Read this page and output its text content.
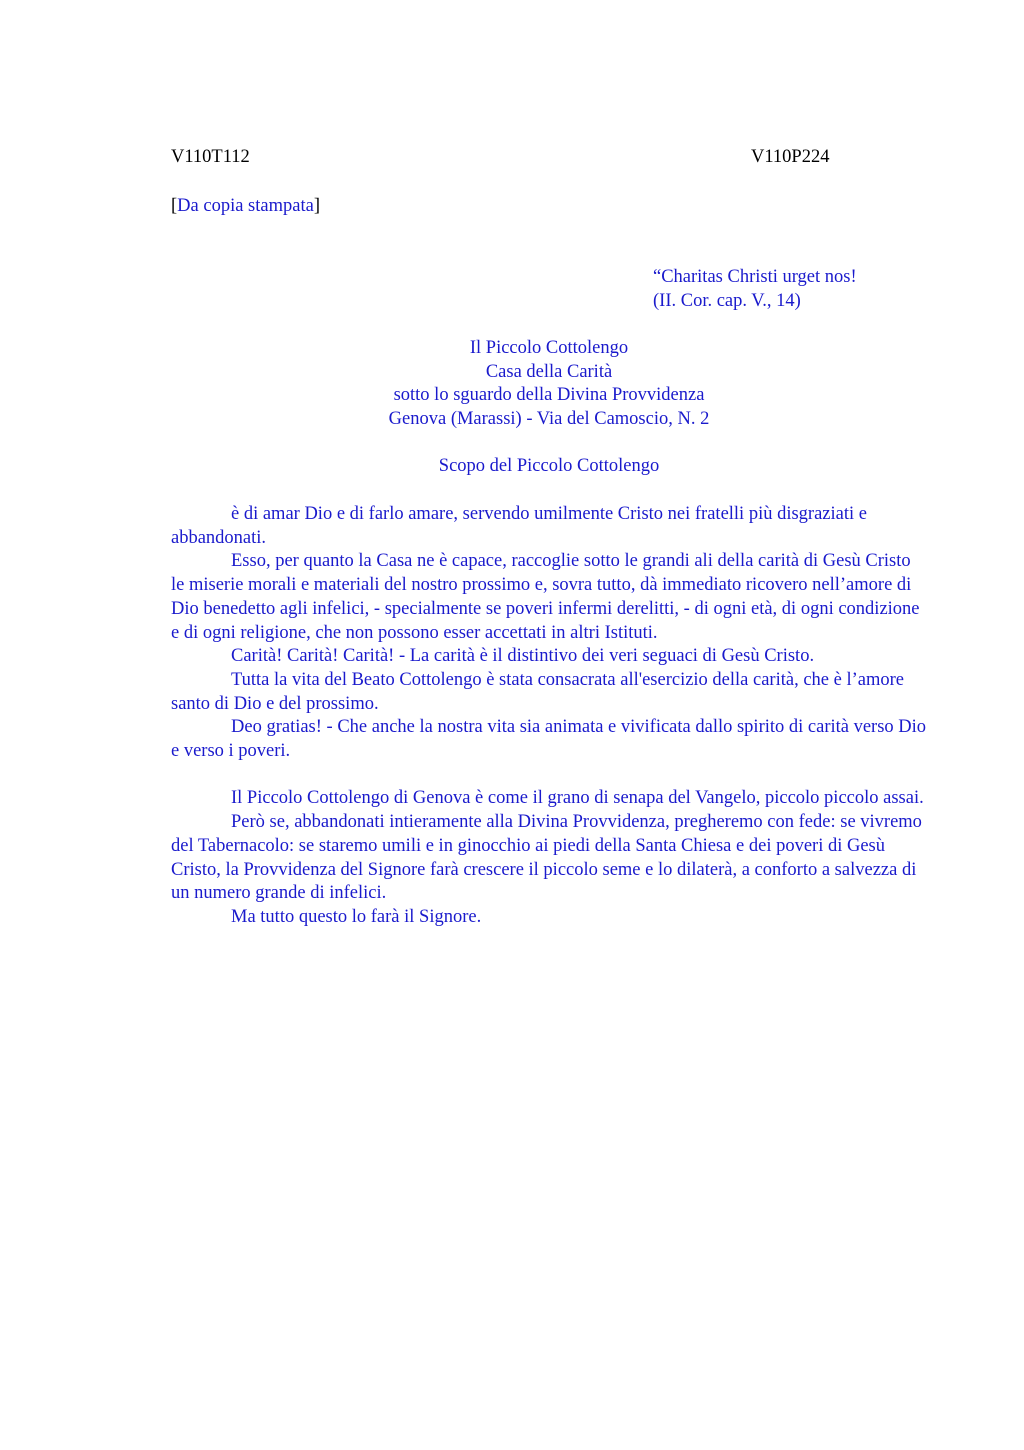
V110T112	V110P224

[Da copia stampata]

“Charitas Christi urget nos!
(II. Cor. cap. V., 14)
Il Piccolo Cottolengo
Casa della Carità
sotto lo sguardo della Divina Provvidenza
Genova (Marassi) - Via del Camoscio, N. 2

Scopo del Piccolo Cottolengo

è di amar Dio e di farlo amare, servendo umilmente Cristo nei fratelli più disgraziati e abbandonati.

Esso, per quanto la Casa ne è capace, raccoglie sotto le grandi ali della carità di Gesù Cristo le miserie morali e materiali del nostro prossimo e, sovra tutto, dà immediato ricovero nell’amore di Dio benedetto agli infelici, - specialmente se poveri infermi derelitti, - di ogni età, di ogni condizione e di ogni religione, che non possono esser accettati in altri Istituti.

Carità! Carità! Carità! - La carità è il distintivo dei veri seguaci di Gesù Cristo.

Tutta la vita del Beato Cottolengo è stata consacrata all'esercizio della carità, che è l’amore santo di Dio e del prossimo.

Deo gratias! - Che anche la nostra vita sia animata e vivificata dallo spirito di carità verso Dio e verso i poveri.

Il Piccolo Cottolengo di Genova è come il grano di senapa del Vangelo, piccolo piccolo assai.

Però se, abbandonati intieramente alla Divina Provvidenza, pregheremo con fede: se vivremo del Tabernacolo: se staremo umili e in ginocchio ai piedi della Santa Chiesa e dei poveri di Gesù Cristo, la Provvidenza del Signore farà crescere il piccolo seme e lo dilaterà, a conforto a salvezza di un numero grande di infelici.

Ma tutto questo lo farà il Signore.
